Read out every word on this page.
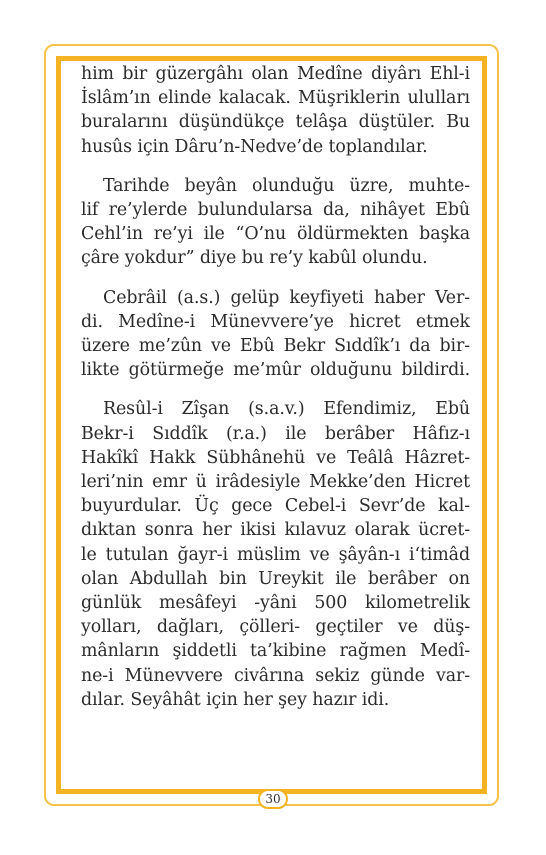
him bir güzergâhı olan Medîne diyârı Ehl-i
İslâm’ın elinde kalacak. Müşriklerin ululları
buralarını düşündükçe telâşa düştüler. Bu
husûs için Dâru’n-Nedve’de toplandılar.
Tarihde beyân olunduğu üzre, muhte-
lif re’ylerde bulundularsa da, nihâyet Ebû
Cehl’in re’yi ile “O’nu öldürmekten başka
çâre yokdur” diye bu re’y kabûl olundu.
Cebrâil (a.s.) gelüp keyfiyeti haber Ver-
di. Medîne-i Münevvere’ye hicret etmek
üzere me’zûn ve Ebû Bekr Sıddîk’ı da bir-
likte götürmeğe me’mûr olduğunu bildirdi.
Resûl-i Zîşan (s.a.v.) Efendimiz, Ebû
Bekr-i Sıddîk (r.a.) ile berâber Hâfız-ı
Hakîkî Hakk Sübhânehü ve Teâlâ Hâzret-
leri’nin emr ü irâdesiyle Mekke’den Hicret
buyurdular. Üç gece Cebel-i Sevr’de kal-
dıktan sonra her ikisi kılavuz olarak ücret-
le tutulan ğayr-i müslim ve şâyân-ı i‘timâd
olan Abdullah bin Ureykit ile berâber on
günlük mesâfeyi -yâni 500 kilometrelik
yolları, dağları, çölleri- geçtiler ve düş-
mânların şiddetli ta’kibine rağmen Medî-
ne-i Münevvere civârına sekiz günde var-
dılar. Seyâhât için her şey hazır idi.
30
